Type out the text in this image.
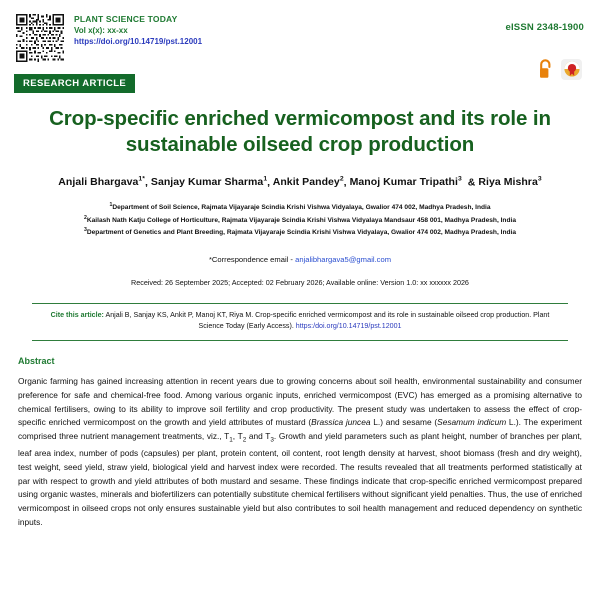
PLANT SCIENCE TODAY
Vol x(x): xx-xx
https://doi.org/10.14719/pst.12001
eISSN 2348-1900
RESEARCH ARTICLE
Crop-specific enriched vermicompost and its role in sustainable oilseed crop production
Anjali Bhargava$^{1*}$, Sanjay Kumar Sharma$^1$, Ankit Pandey$^2$, Manoj Kumar Tripathi$^3$  & Riya Mishra$^3$
$^1$Department of Soil Science, Rajmata Vijayaraje Scindia Krishi Vishwa Vidyalaya, Gwalior 474 002, Madhya Pradesh, India
$^2$Kailash Nath Katju College of Horticulture, Rajmata Vijayaraje Scindia Krishi Vishwa Vidyalaya Mandsaur 458 001, Madhya Pradesh, India
$^3$Department of Genetics and Plant Breeding, Rajmata Vijayaraje Scindia Krishi Vishwa Vidyalaya, Gwalior 474 002, Madhya Pradesh, India
*Correspondence email - anjalibhargava5@gmail.com
Received: 26 September 2025; Accepted: 02 February 2026; Available online: Version 1.0: xx xxxxxx 2026
Cite this article: Anjali B, Sanjay KS, Ankit P, Manoj KT, Riya M. Crop-specific enriched vermicompost and its role in sustainable oilseed crop production. Plant Science Today (Early Access). https:/doi.org/10.14719/pst.12001
Abstract
Organic farming has gained increasing attention in recent years due to growing concerns about soil health, environmental sustainability and consumer preference for safe and chemical-free food. Among various organic inputs, enriched vermicompost (EVC) has emerged as a promising alternative to chemical fertilisers, owing to its ability to improve soil fertility and crop productivity. The present study was undertaken to assess the effect of crop-specific enriched vermicompost on the growth and yield attributes of mustard (Brassica juncea L.) and sesame (Sesamum indicum L.). The experiment comprised three nutrient management treatments, viz., $T_1$, $T_2$ and $T_3$. Growth and yield parameters such as plant height, number of branches per plant, leaf area index, number of pods (capsules) per plant, protein content, oil content, root length density at harvest, shoot biomass (fresh and dry weight), test weight, seed yield, straw yield, biological yield and harvest index were recorded. The results revealed that all treatments performed statistically at par with respect to growth and yield attributes of both mustard and sesame. These findings indicate that crop-specific enriched vermicompost prepared using organic wastes, minerals and biofertilizers can potentially substitute chemical fertilisers without significant yield penalties. Thus, the use of enriched vermicompost in oilseed crops not only ensures sustainable yield but also contributes to soil health management and reduced dependency on synthetic inputs.
